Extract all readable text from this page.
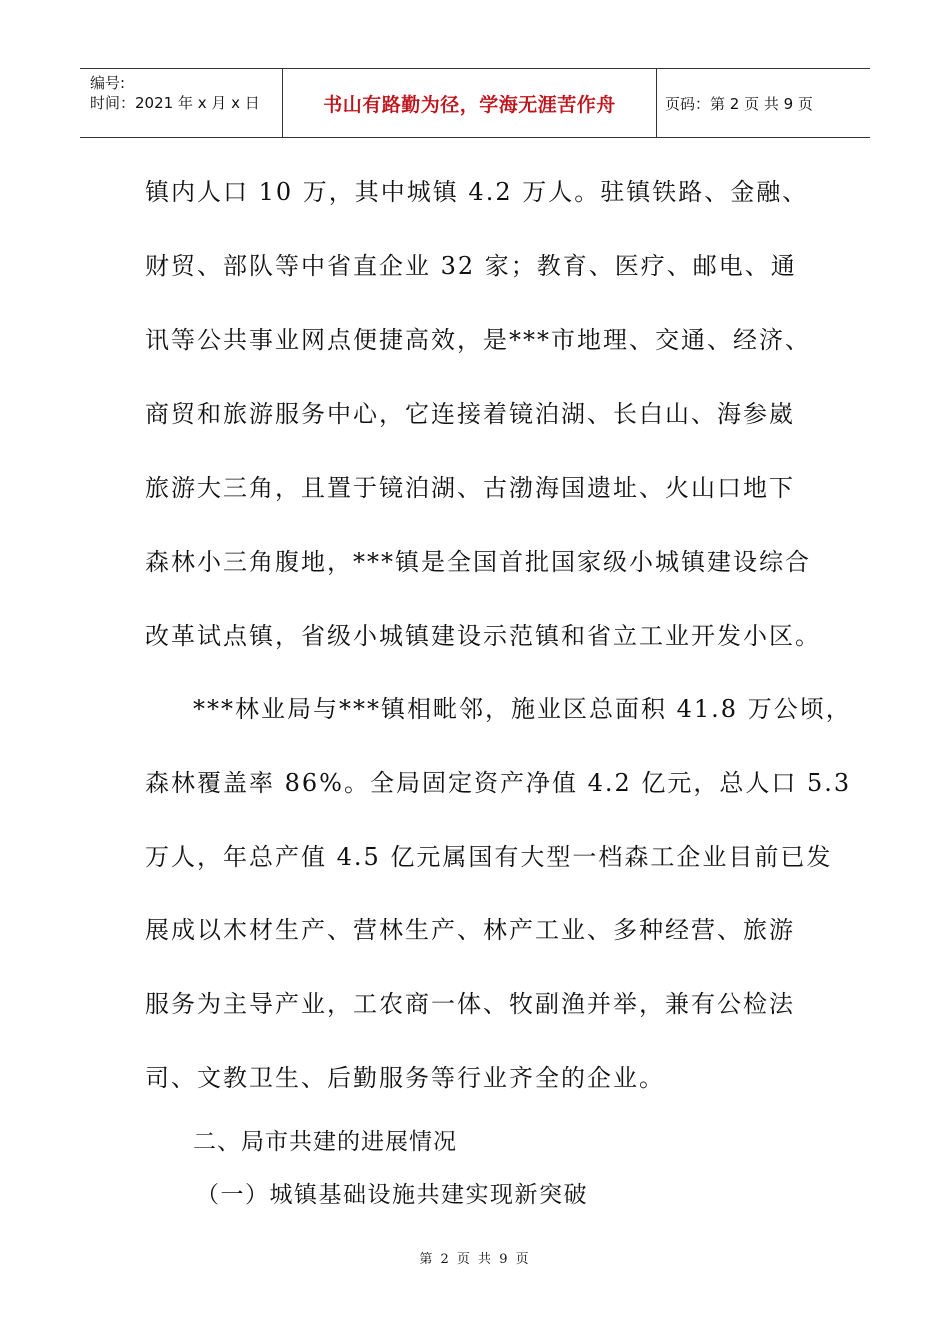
编号:
时间：2021 年 x 月 x 日	书山有路勤为径，学海无涯苦作舟	页码：第 2 页 共 9 页
镇内人口 10 万，其中城镇 4.2 万人。驻镇铁路、金融、
财贸、部队等中省直企业 32 家；教育、医疗、邮电、通
讯等公共事业网点便捷高效，是***市地理、交通、经济、
商贸和旅游服务中心，它连接着镜泊湖、长白山、海参崴
旅游大三角，且置于镜泊湖、古渤海国遗址、火山口地下
森林小三角腹地，***镇是全国首批国家级小城镇建设综合
改革试点镇，省级小城镇建设示范镇和省立工业开发小区。
***林业局与***镇相毗邻，施业区总面积 41.8 万公顷，
森林覆盖率 86%。全局固定资产净值 4.2 亿元，总人口 5.3
万人，年总产值 4.5 亿元属国有大型一档森工企业目前已发
展成以木材生产、营林生产、林产工业、多种经营、旅游
服务为主导产业，工农商一体、牧副渔并举，兼有公检法
司、文教卫生、后勤服务等行业齐全的企业。
二、局市共建的进展情况
（一）城镇基础设施共建实现新突破
第 2 页 共 9 页
